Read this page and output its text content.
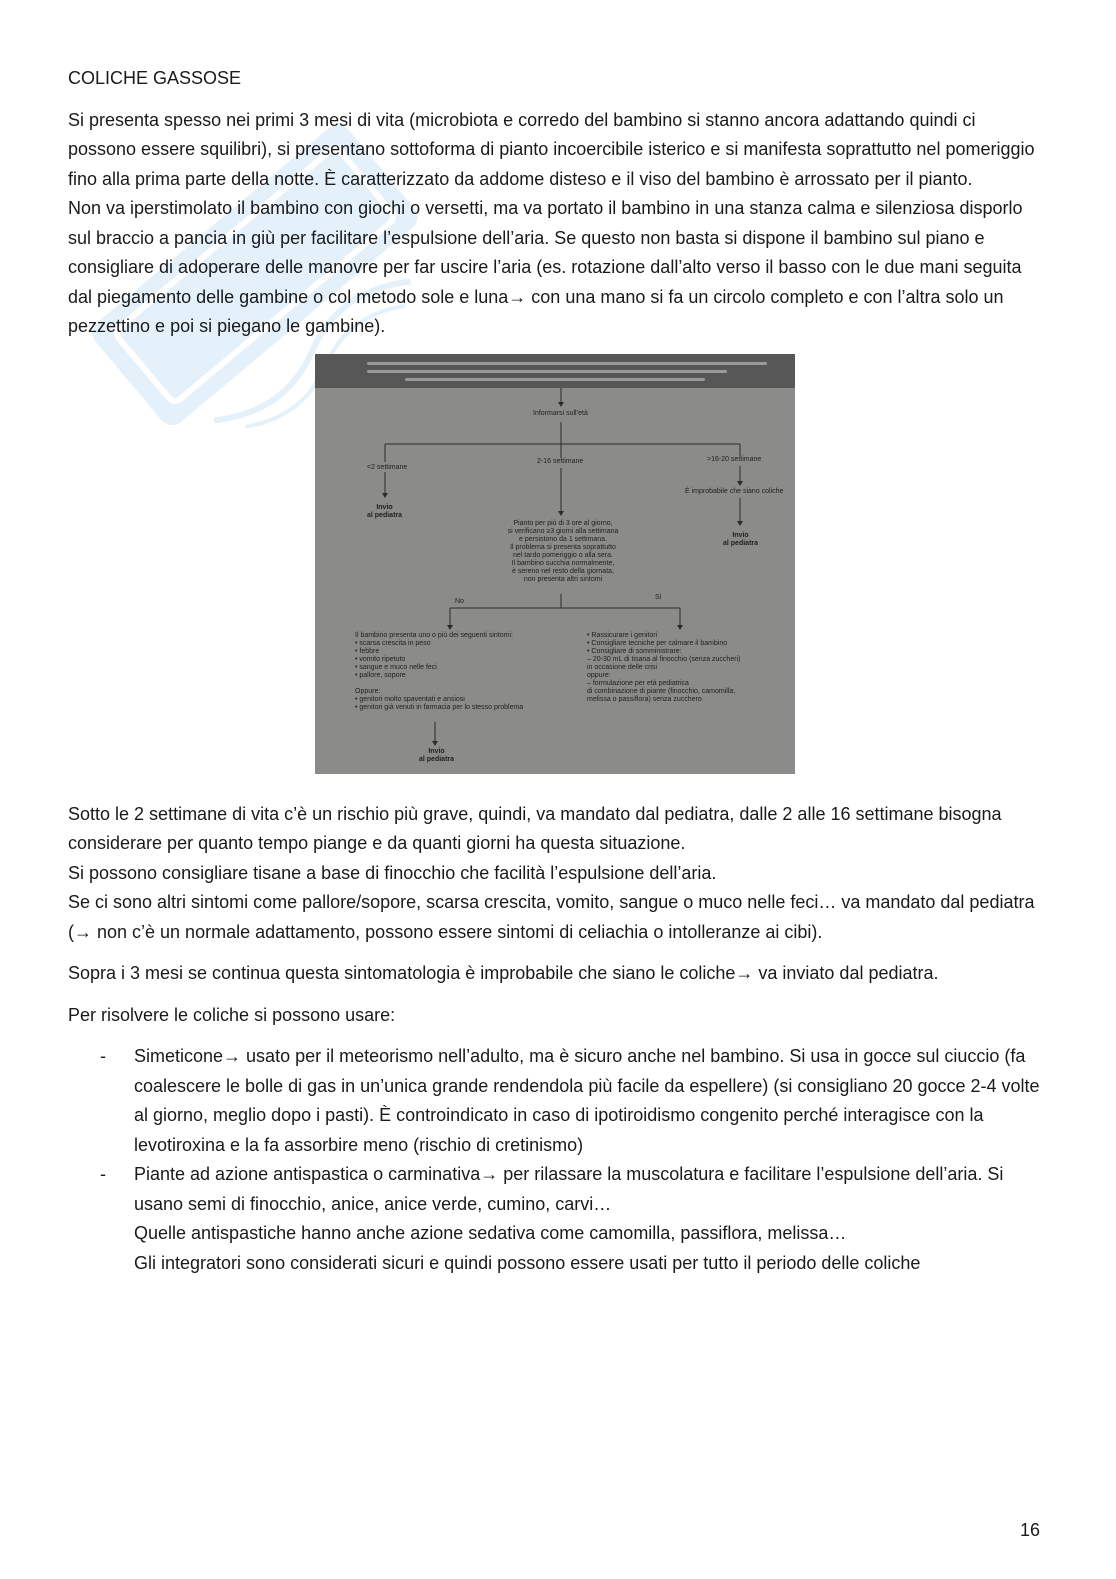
COLICHE GASSOSE

Si presenta spesso nei primi 3 mesi di vita (microbiota e corredo del bambino si stanno ancora adattando quindi ci possono essere squilibri), si presentano sottoforma di pianto incoercibile isterico e si manifesta soprattutto nel pomeriggio fino alla prima parte della notte. È caratterizzato da addome disteso e il viso del bambino è arrossato per il pianto.

Non va iperstimolato il bambino con giochi o versetti, ma va portato il bambino in una stanza calma e silenziosa disporlo sul braccio a pancia in giù per facilitare l’espulsione dell’aria. Se questo non basta si dispone il bambino sul piano e consigliare di adoperare delle manovre per far uscire l’aria (es. rotazione dall’alto verso il basso con le due mani seguita dal piegamento delle gambine o col metodo sole e luna→ con una mano si fa un circolo completo e con l’altra solo un pezzettino e poi si piegano le gambine).

Informarsi sull’età
<2 settimane
2-16 settimane	>16-20 settimane
È improbabile che siano coliche
Invio
al pediatra
Invio
al pediatra
Pianto per più di 3 ore al giorno,
si verificano ≥3 giorni alla settimana
e persistono da 1 settimana.
Il problema si presenta soprattutto
nel tardo pomeriggio o alla sera.
Il bambino succhia normalmente,
è sereno nel resto della giornata,
non presenta altri sintomi
No
Sì
Il bambino presenta uno o più dei seguenti sintomi:
• scarsa crescita in peso
• febbre
• vomito ripetuto
• sangue e muco nelle feci
• pallore, sopore

Oppure:
• genitori molto spaventati e ansiosi
• genitori già venuti in farmacia per lo stesso problema
• Rassicurare i genitori
• Consigliare tecniche per calmare il bambino
• Consigliare di somministrare:
– 20-30 mL di tisana al finocchio (senza zuccheri)
in occasione delle crisi
oppure:
– formulazione per età pediatrica
di combinazione di piante (finocchio, camomilla,
melissa o passiflora) senza zucchero
Invio
al pediatra

Sotto le 2 settimane di vita c’è un rischio più grave, quindi, va mandato dal pediatra, dalle 2 alle 16 settimane bisogna considerare per quanto tempo piange e da quanti giorni ha questa situazione.

Si possono consigliare tisane a base di finocchio che facilità l’espulsione dell’aria.

Se ci sono altri sintomi come pallore/sopore, scarsa crescita, vomito, sangue o muco nelle feci… va mandato dal pediatra (→ non c’è un normale adattamento, possono essere sintomi di celiachia o intolleranze ai cibi).

Sopra i 3 mesi se continua questa sintomatologia è improbabile che siano le coliche→ va inviato dal pediatra.

Per risolvere le coliche si possono usare:

- Simeticone→ usato per il meteorismo nell’adulto, ma è sicuro anche nel bambino. Si usa in gocce sul ciuccio (fa coalescere le bolle di gas in un’unica grande rendendola più facile da espellere) (si consigliano 20 gocce 2-4 volte al giorno, meglio dopo i pasti). È controindicato in caso di ipotiroidismo congenito perché interagisce con la levotiroxina e la fa assorbire meno (rischio di cretinismo)
- Piante ad azione antispastica o carminativa→ per rilassare la muscolatura e facilitare l’espulsione dell’aria. Si usano semi di finocchio, anice, anice verde, cumino, carvi…
Quelle antispastiche hanno anche azione sedativa come camomilla, passiflora, melissa…
Gli integratori sono considerati sicuri e quindi possono essere usati per tutto il periodo delle coliche
16
